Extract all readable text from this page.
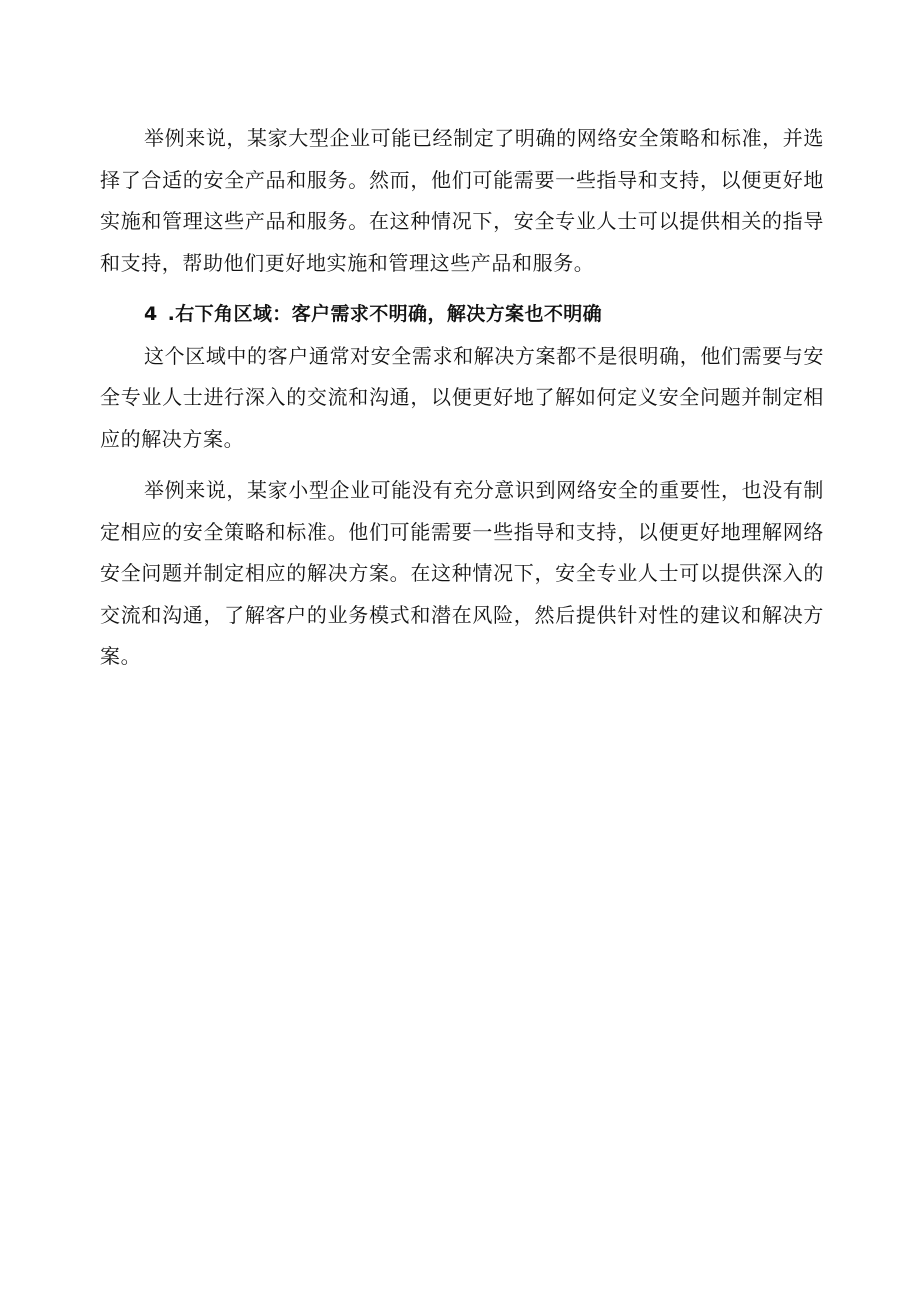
举例来说，某家大型企业可能已经制定了明确的网络安全策略和标准，并选择了合适的安全产品和服务。然而，他们可能需要一些指导和支持，以便更好地实施和管理这些产品和服务。在这种情况下，安全专业人士可以提供相关的指导和支持，帮助他们更好地实施和管理这些产品和服务。

4 .右下角区域：客户需求不明确，解决方案也不明确

这个区域中的客户通常对安全需求和解决方案都不是很明确，他们需要与安全专业人士进行深入的交流和沟通，以便更好地了解如何定义安全问题并制定相应的解决方案。

举例来说，某家小型企业可能没有充分意识到网络安全的重要性，也没有制定相应的安全策略和标准。他们可能需要一些指导和支持，以便更好地理解网络安全问题并制定相应的解决方案。在这种情况下，安全专业人士可以提供深入的交流和沟通，了解客户的业务模式和潜在风险，然后提供针对性的建议和解决方案。
